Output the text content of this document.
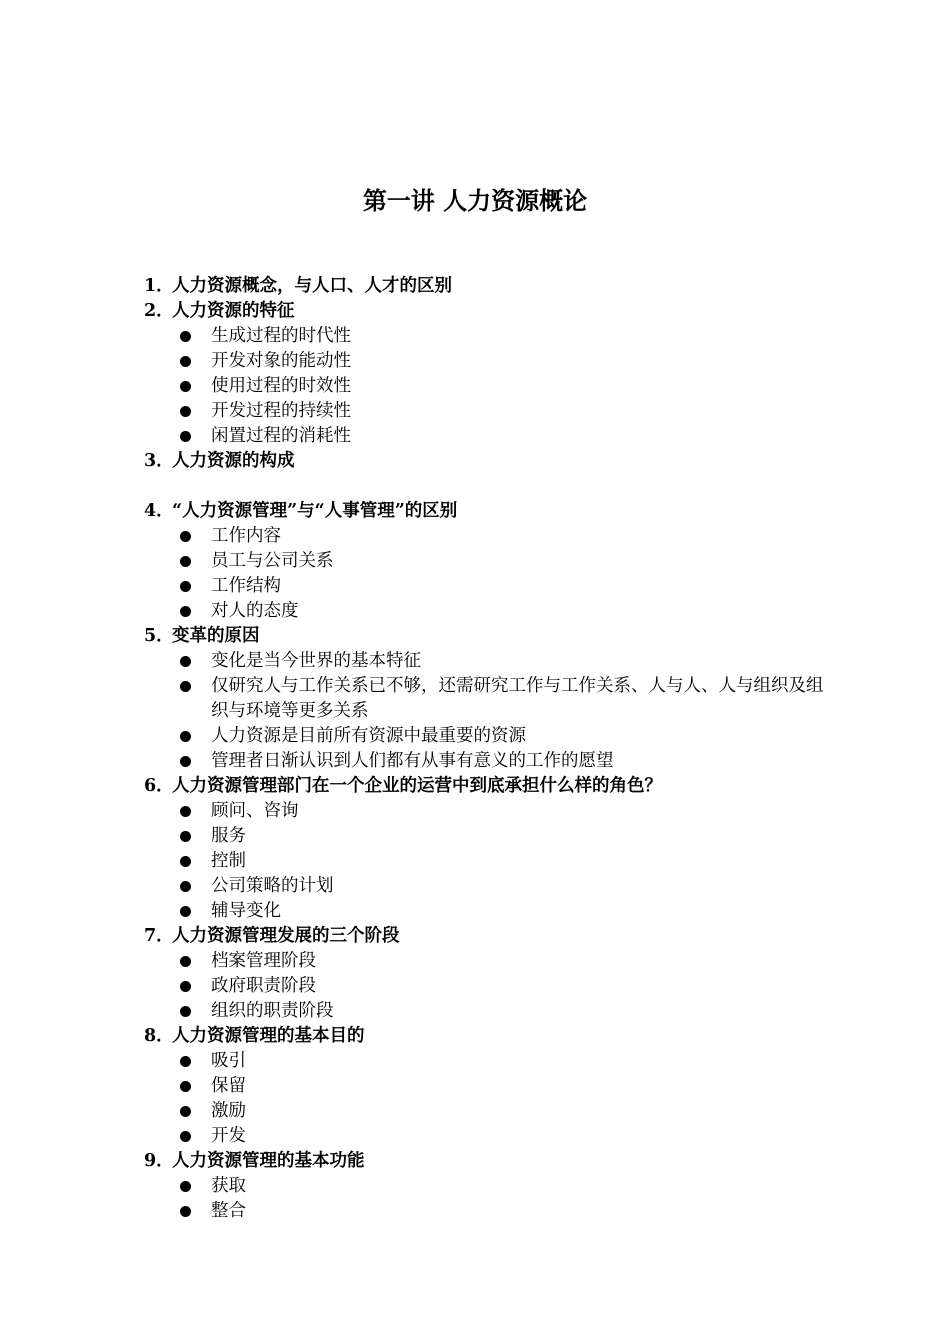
第一讲 人力资源概论
1．人力资源概念，与人口、人才的区别
2．人力资源的特征
生成过程的时代性
开发对象的能动性
使用过程的时效性
开发过程的持续性
闲置过程的消耗性
3．人力资源的构成
4．“人力资源管理”与“人事管理”的区别
工作内容
员工与公司关系
工作结构
对人的态度
5．变革的原因
变化是当今世界的基本特征
仅研究人与工作关系已不够，还需研究工作与工作关系、人与人、人与组织及组织与环境等更多关系
人力资源是目前所有资源中最重要的资源
管理者日渐认识到人们都有从事有意义的工作的愿望
6．人力资源管理部门在一个企业的运营中到底承担什么样的角色？
顾问、咨询
服务
控制
公司策略的计划
辅导变化
7．人力资源管理发展的三个阶段
档案管理阶段
政府职责阶段
组织的职责阶段
8．人力资源管理的基本目的
吸引
保留
激励
开发
9．人力资源管理的基本功能
获取
整合
